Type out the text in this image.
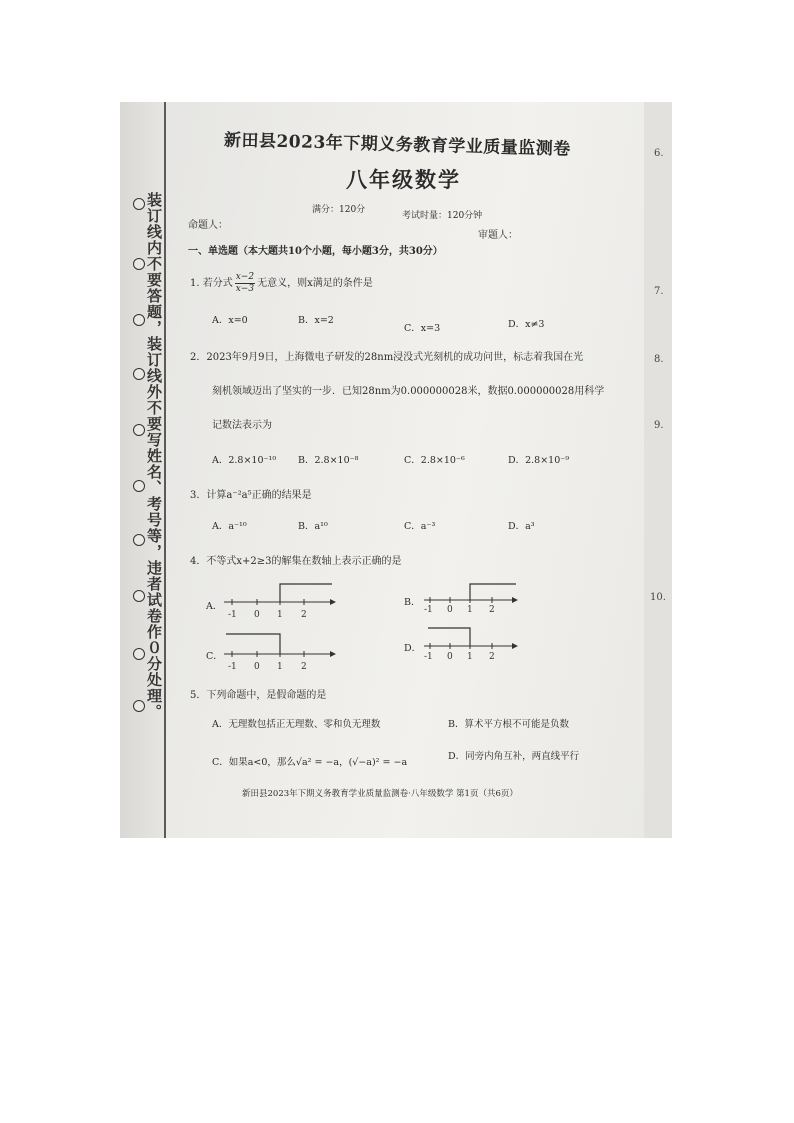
装订线内不要答题，装订线外不要写姓名、考号等，违者试卷作０分处理。
6.
7.
8.
9.
10.
新田县2023年下期义务教育学业质量监测卷
八年级数学
满分：120分
考试时量：120分钟
命题人：
审题人：
一、单选题（本大题共10个小题，每小题3分，共30分）
1. 若分式 $\frac{x-2}{x-3}$ 无意义，则x满足的条件是
A．x=0	B．x=2
C．x=3	D．x≠3
2．2023年9月9日，上海微电子研发的28nm浸没式光刻机的成功问世，标志着我国在光
刻机领域迈出了坚实的一步．已知28nm为0.000000028米，数据0.000000028用科学
记数法表示为
A．2.8×10⁻¹⁰ B．2.8×10⁻⁸	C．2.8×10⁻⁶	D．2.8×10⁻⁹
3．计算a⁻²a⁵正确的结果是
A．a⁻¹⁰	B．a¹⁰	C．a⁻³	D．a³
4．不等式x+2≥3的解集在数轴上表示正确的是
A．
-1 0 1 2
B．
-1 0 1 2
C．
-1 0 1 2
D．
-1 0 1 2
5．下列命题中，是假命题的是
A．无理数包括正无理数、零和负无理数	B．算术平方根不可能是负数
C．如果a<0，那么√a² = −a，(√−a)² = −a
D．同旁内角互补，两直线平行
新田县2023年下期义务教育学业质量监测卷·八年级数学 第1页（共6页）
